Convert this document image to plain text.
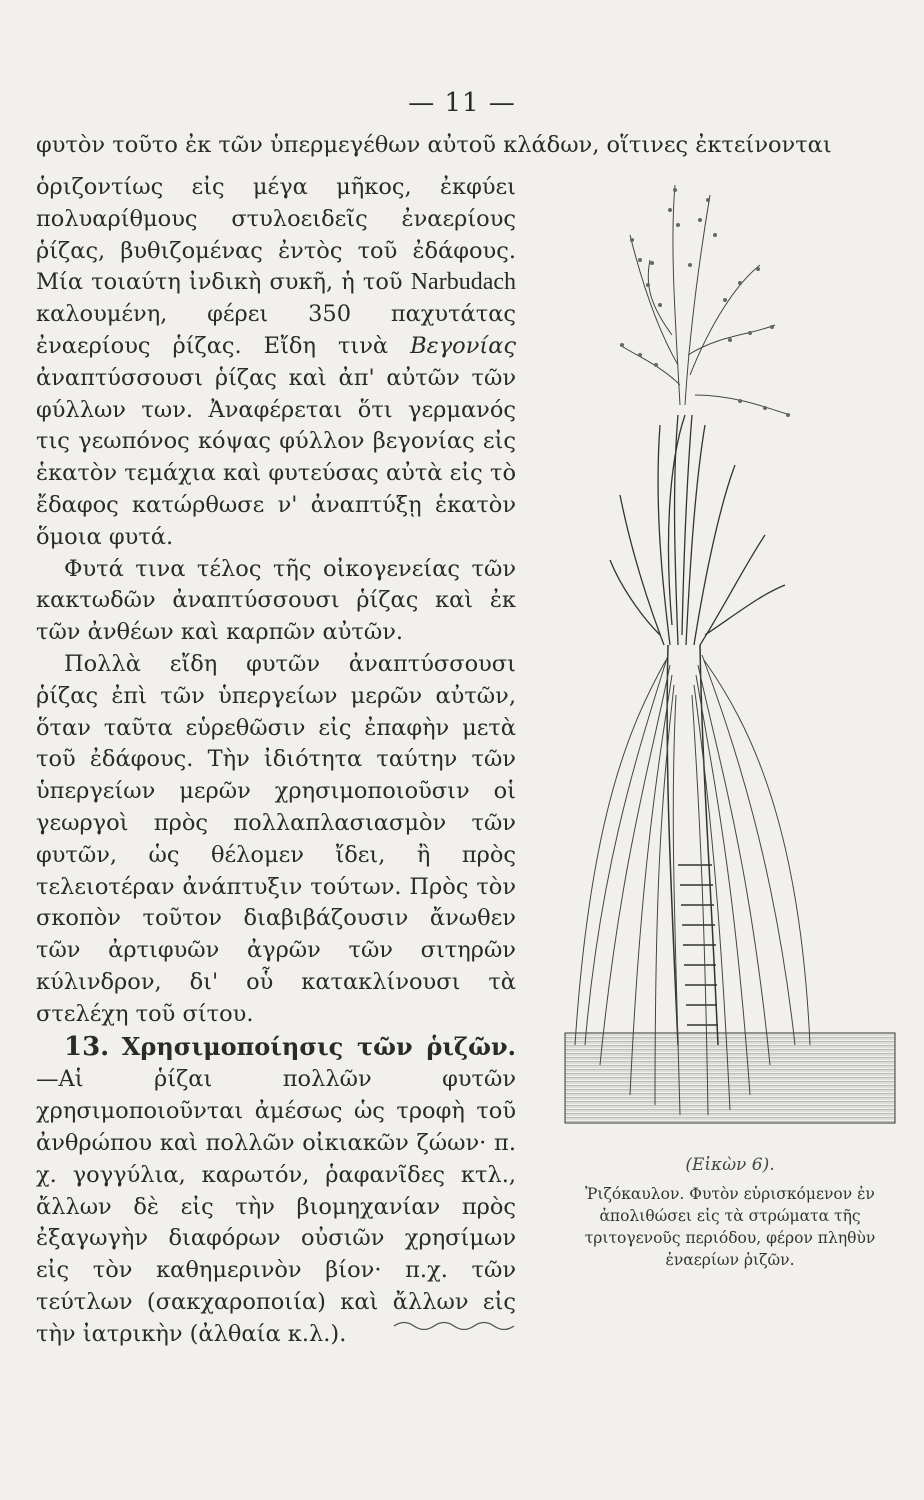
— 11 —
φυτὸν τοῦτο ἐκ τῶν ὑπερμεγέθων αὐτοῦ κλάδων, οἵτινες ἐκτείνονται

ὁριζοντίως εἰς μέγα μῆκος, ἐκφύει πολυαρίθμους στυλοειδεῖς ἐναερίους ῥίζας, βυθιζομένας ἐντὸς τοῦ ἐδάφους. Μία τοιαύτη ἰνδικὴ συκῆ, ἡ τοῦ Narbudach καλουμένη, φέρει 350 παχυτάτας ἐναερίους ῥίζας. Εἴδη τινὰ Βεγονίας ἀναπτύσσουσι ῥίζας καὶ ἀπ' αὐτῶν τῶν φύλλων των. Ἀναφέρεται ὅτι γερμανός τις γεωπόνος κόψας φύλλον βεγονίας εἰς ἑκατὸν τεμάχια καὶ φυτεύσας αὐτὰ εἰς τὸ ἔδαφος κατώρθωσε ν' ἀναπτύξῃ ἑκατὸν ὅμοια φυτά.

Φυτά τινα τέλος τῆς οἰκογενείας τῶν κακτωδῶν ἀναπτύσσουσι ῥίζας καὶ ἐκ τῶν ἀνθέων καὶ καρπῶν αὐτῶν.

Πολλὰ εἴδη φυτῶν ἀναπτύσσουσι ῥίζας ἐπὶ τῶν ὑπεργείων μερῶν αὐτῶν, ὅταν ταῦτα εὑρεθῶσιν εἰς ἐπαφὴν μετὰ τοῦ ἐδάφους. Τὴν ἰδιότητα ταύτην τῶν ὑπεργείων μερῶν χρησιμοποιοῦσιν οἱ γεωργοὶ πρὸς πολλαπλασιασμὸν τῶν φυτῶν, ὡς θέλομεν ἴδει, ἢ πρὸς τελειοτέραν ἀνάπτυξιν τούτων. Πρὸς τὸν σκοπὸν τοῦτον διαβιβάζουσιν ἄνωθεν τῶν ἀρτιφυῶν ἀγρῶν τῶν σιτηρῶν κύλινδρον, δι' οὗ κατακλίνουσι τὰ στελέχη τοῦ σίτου.

13. Χρησιμοποίησις τῶν ῥιζῶν.—Αἱ ῥίζαι πολλῶν φυτῶν χρησιμοποιοῦνται ἀμέσως ὡς τροφὴ τοῦ ἀνθρώπου καὶ πολλῶν οἰκιακῶν ζώων· π. χ. γογγύλια, καρωτόν, ῥαφανῖδες κτλ., ἄλλων δὲ εἰς τὴν βιομηχανίαν πρὸς ἐξαγωγὴν διαφόρων οὐσιῶν χρησίμων εἰς τὸν καθημερινὸν βίον· π.χ. τῶν τεύτλων (σακχαροποιία) καὶ ἄλλων εἰς τὴν ἰατρικὴν (ἀλθαία κ.λ.).

(Εἰκὼν 6).
Ῥιζόκαυλον. Φυτὸν εὑρισκόμενον ἐν ἀπολιθώσει εἰς τὰ στρώματα τῆς τριτογενοῦς περιόδου, φέρον πληθὺν ἐναερίων ῥιζῶν.
